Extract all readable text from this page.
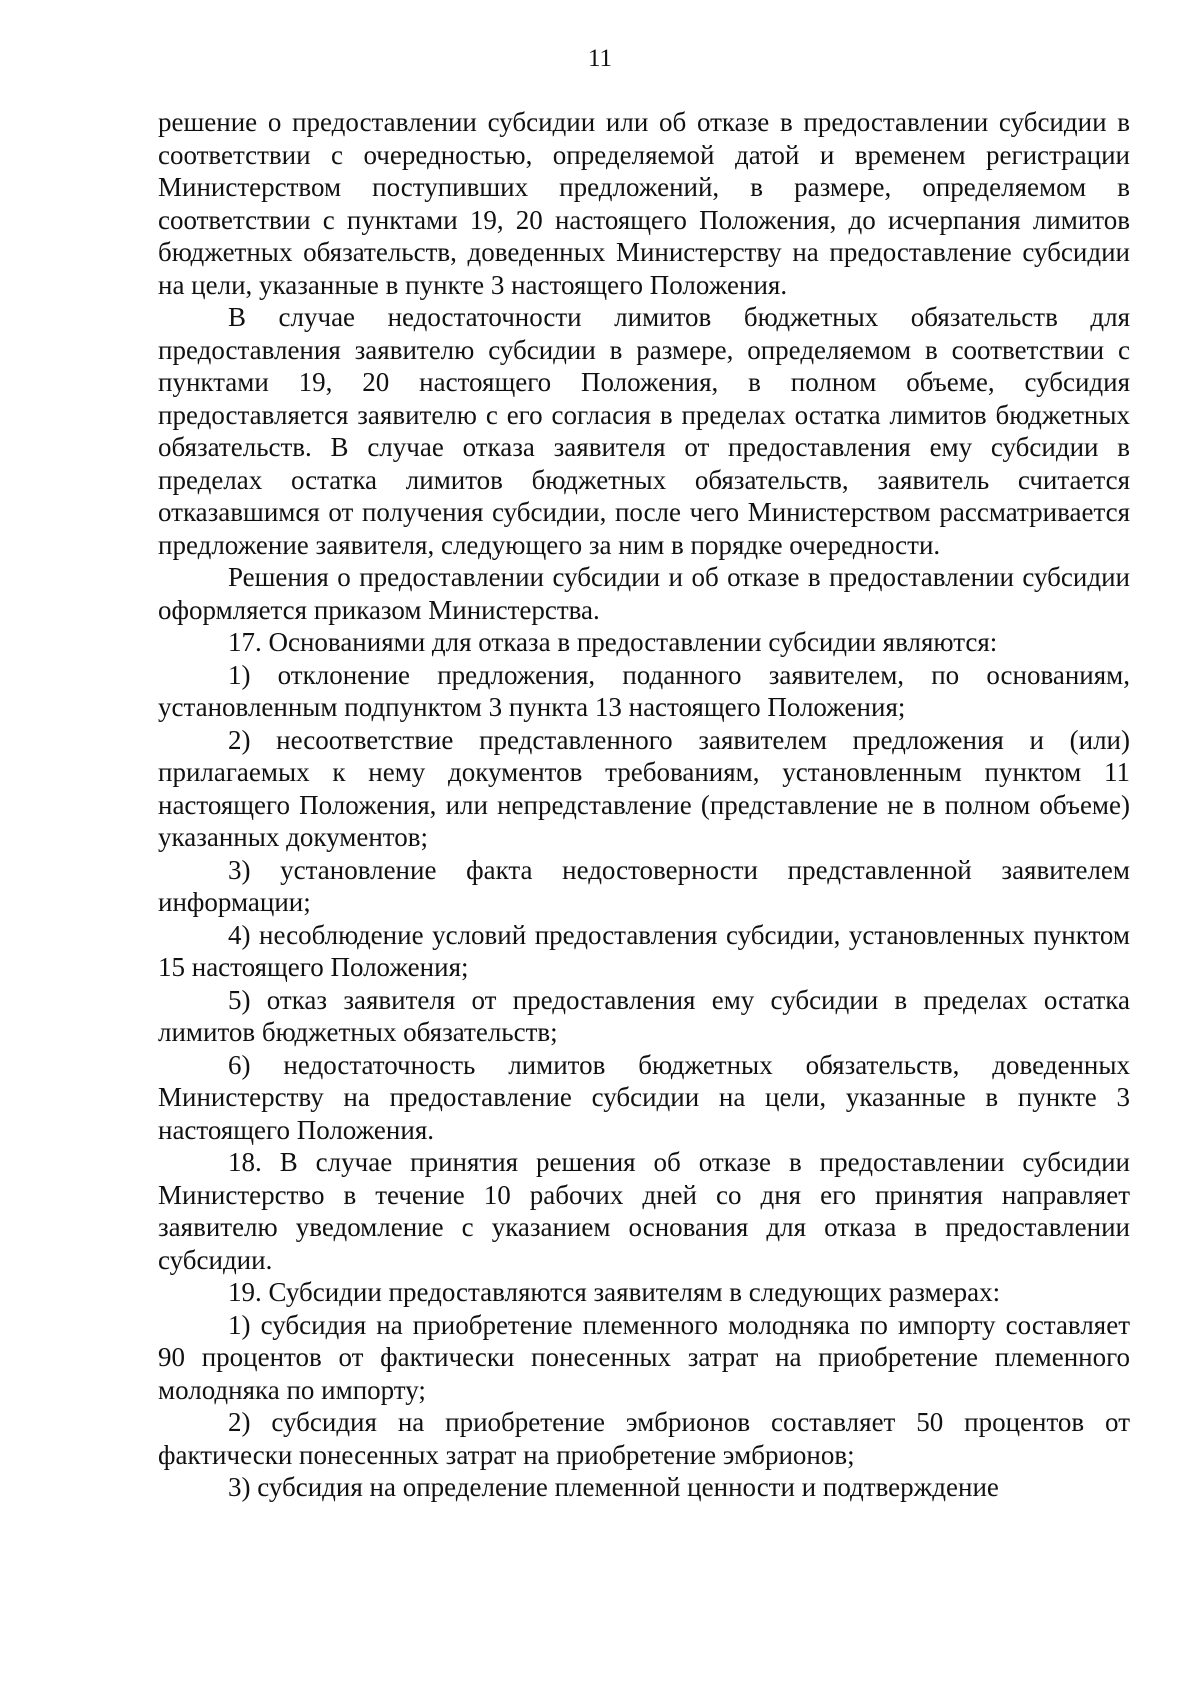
11

решение о предоставлении субсидии или об отказе в предоставлении субсидии в соответствии с очередностью, определяемой датой и временем регистрации Министерством поступивших предложений, в размере, определяемом в соответствии с пунктами 19, 20 настоящего Положения, до исчерпания лимитов бюджетных обязательств, доведенных Министерству на предоставление субсидии на цели, указанные в пункте 3 настоящего Положения.

В случае недостаточности лимитов бюджетных обязательств для предоставления заявителю субсидии в размере, определяемом в соответствии с пунктами 19, 20 настоящего Положения, в полном объеме, субсидия предоставляется заявителю с его согласия в пределах остатка лимитов бюджетных обязательств. В случае отказа заявителя от предоставления ему субсидии в пределах остатка лимитов бюджетных обязательств, заявитель считается отказавшимся от получения субсидии, после чего Министерством рассматривается предложение заявителя, следующего за ним в порядке очередности.

Решения о предоставлении субсидии и об отказе в предоставлении субсидии оформляется приказом Министерства.

17. Основаниями для отказа в предоставлении субсидии являются:

1) отклонение предложения, поданного заявителем, по основаниям, установленным подпунктом 3 пункта 13 настоящего Положения;

2) несоответствие представленного заявителем предложения и (или) прилагаемых к нему документов требованиям, установленным пунктом 11 настоящего Положения, или непредставление (представление не в полном объеме) указанных документов;

3) установление факта недостоверности представленной заявителем информации;

4) несоблюдение условий предоставления субсидии, установленных пунктом 15 настоящего Положения;

5) отказ заявителя от предоставления ему субсидии в пределах остатка лимитов бюджетных обязательств;

6) недостаточность лимитов бюджетных обязательств, доведенных Министерству на предоставление субсидии на цели, указанные в пункте 3 настоящего Положения.

18. В случае принятия решения об отказе в предоставлении субсидии Министерство в течение 10 рабочих дней со дня его принятия направляет заявителю уведомление с указанием основания для отказа в предоставлении субсидии.

19. Субсидии предоставляются заявителям в следующих размерах:

1) субсидия на приобретение племенного молодняка по импорту составляет 90 процентов от фактически понесенных затрат на приобретение племенного молодняка по импорту;

2) субсидия на приобретение эмбрионов составляет 50 процентов от фактически понесенных затрат на приобретение эмбрионов;

3) субсидия на определение племенной ценности и подтверждение
